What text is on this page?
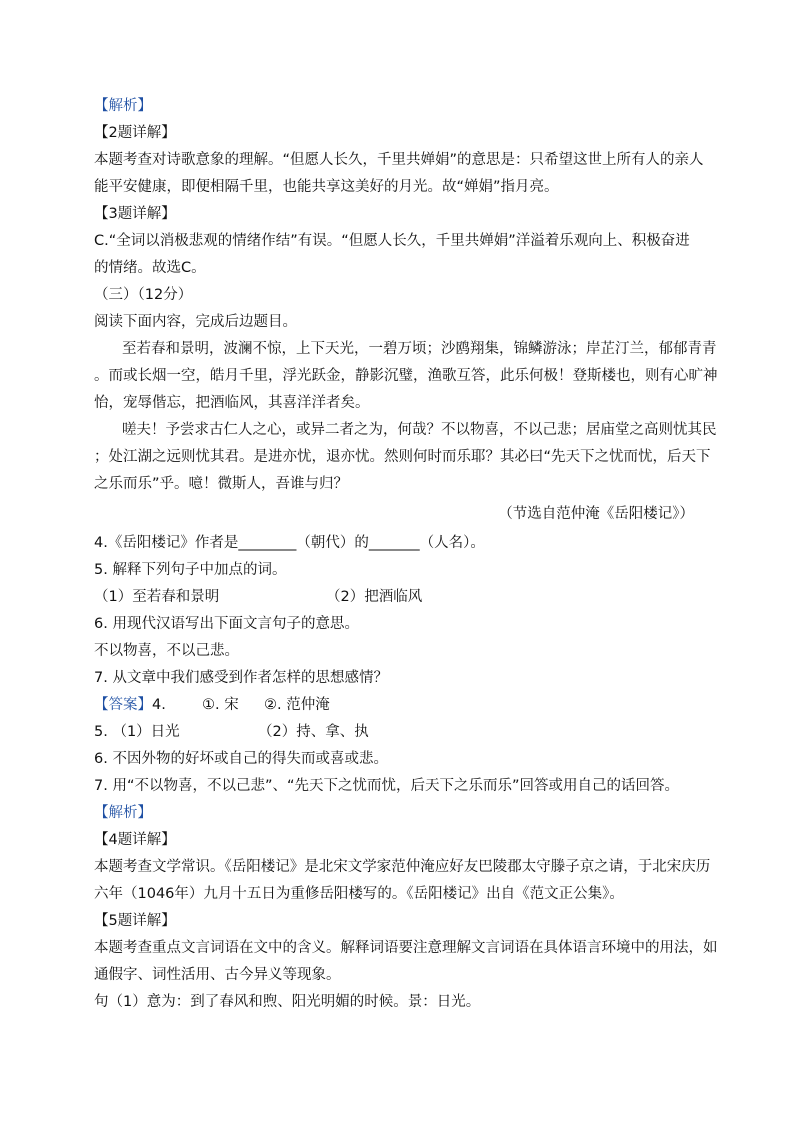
【解析】
【2题详解】
本题考查对诗歌意象的理解。“但愿人长久，千里共婵娟”的意思是：只希望这世上所有人的亲人
能平安健康，即便相隔千里，也能共享这美好的月光。故“婵娟”指月亮。
【3题详解】
C.“全词以消极悲观的情绪作结”有误。“但愿人长久，千里共婵娟”洋溢着乐观向上、积极奋进
的情绪。故选C。
（三）（12分）
阅读下面内容，完成后边题目。
至若春和景明，波澜不惊，上下天光，一碧万顷；沙鸥翔集，锦鳞游泳；岸芷汀兰，郁郁青青
。而或长烟一空，皓月千里，浮光跃金，静影沉璧，渔歌互答，此乐何极！登斯楼也，则有心旷神
怡，宠辱偕忘，把酒临风，其喜洋洋者矣。
嗟夫！予尝求古仁人之心，或异二者之为，何哉？不以物喜，不以己悲；居庙堂之高则忧其民
；处江湖之远则忧其君。是进亦忧，退亦忧。然则何时而乐耶？其必曰“先天下之忧而忧，后天下
之乐而乐”乎。噫！微斯人，吾谁与归？
（节选自范仲淹《岳阳楼记》）
4.《岳阳楼记》作者是________（朝代）的_______（人名）。
5. 解释下列句子中加点的词。
（1）至若春和景明	（2）把酒临风
6. 用现代汉语写出下面文言句子的意思。
不以物喜，不以己悲。
7. 从文章中我们感受到作者怎样的思想感情？
【答案】4. ①. 宋 ②. 范仲淹
5. （1）日光	（2）持、拿、执
6. 不因外物的好坏或自己的得失而或喜或悲。
7. 用“不以物喜，不以己悲”、“先天下之忧而忧，后天下之乐而乐”回答或用自己的话回答。
【解析】
【4题详解】
本题考查文学常识。《岳阳楼记》是北宋文学家范仲淹应好友巴陵郡太守滕子京之请，于北宋庆历
六年（1046年）九月十五日为重修岳阳楼写的。《岳阳楼记》出自《范文正公集》。
【5题详解】
本题考查重点文言词语在文中的含义。解释词语要注意理解文言词语在具体语言环境中的用法，如
通假字、词性活用、古今异义等现象。
句（1）意为：到了春风和煦、阳光明媚的时候。景：日光。
